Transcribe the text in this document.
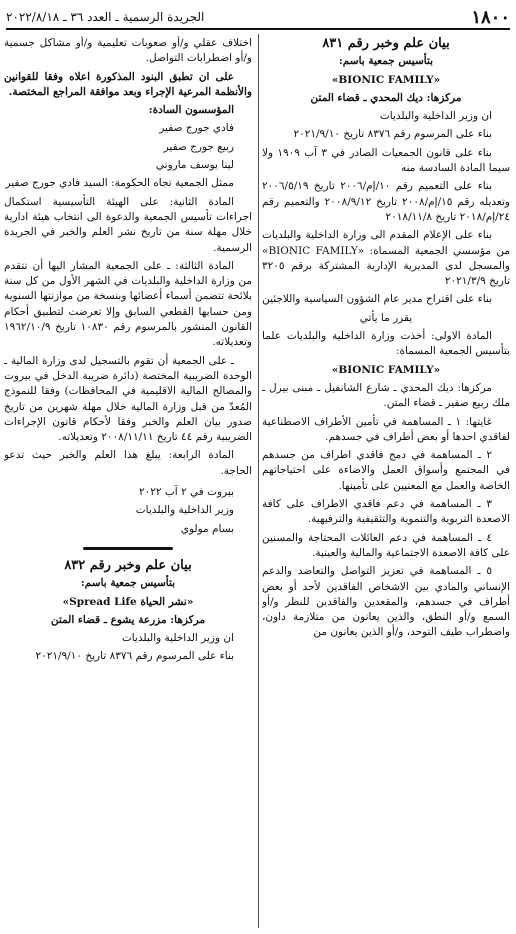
١٨٠٠
الجريدة الرسمية ـ العدد ٣٦ ـ ٢٠٢٢/٨/١٨

بيان علم وخبر رقم ٨٣١

بتأسيس جمعية باسم:

«BIONIC FAMILY»

مركزها: ديك المحدي ـ قضاء المتن

ان وزير الداخلية والبلديات

بناء على المرسوم رقم ٨٣٧٦ تاريخ ٢٠٢١/٩/١٠

بناء على قانون الجمعيات الصادر في ٣ آب ١٩٠٩ ولا سيما المادة السادسة منه

بناء على التعميم رقم ١٠/إم/٢٠٠٦ تاريخ ٢٠٠٦/٥/١٩ وتعديله رقم ١٥/إم/٢٠٠٨ تاريخ ٢٠٠٨/٩/١٢ والتعميم رقم ٢٤/إم/٢٠١٨ تاريخ ٢٠١٨/١١/٨

بناء على الإعلام المقدم الى وزارة الداخلية والبلديات من مؤسسي الجمعية المسماة: «BIONIC FAMILY» والمسجل لدى المديرية الإدارية المشتركة برقم ٣٢٠٥ تاريخ ٢٠٢١/٣/٩

بناء على اقتراح مدير عام الشؤون السياسية واللاجئين

يقرر ما يأتي

المادة الاولى: أخذت وزارة الداخلية والبلديات علما بتأسيس الجمعية المسماة:

«BIONIC FAMILY»

مركزها: ديك المحدي ـ شارع الشانفيل ـ مبنى بيرل ـ ملك ربيع صفير ـ قضاء المتن.

غايتها: ١ ـ المساهمة في تأمين الأطراف الاصطناعية لفاقدي احدها أو بعض أطراف في جسدهم.

٢ ـ المساهمة في دمج فاقدي اطراف من جسدهم في المجتمع وأسواق العمل والاضاءة على احتياجاتهم الخاصة والعمل مع المعنيين على تأمينها.

٣ ـ المساهمة في دعم فاقدي الاطراف على كافة الاصعدة التربوية والتنموية والتثقيفية والترفيهية.

٤ ـ المساهمة في دعم العائلات المحتاجة والمسنين على كافة الاصعدة الاجتماعية والمالية والعينية.

٥ ـ المساهمة في تعزيز التواصل والتعاضد والدعم الإنساني والمادي بين الاشخاص الفاقدين لأحد أو بعض أطراف في جسدهم، والمقعدين والفاقدين للنظر و/أو السمع و/أو النطق، والذين يعانون من متلازمة داون، واضطراب طيف التوحد، و/أو الذين يعانون من

اختلاف عقلي و/أو صعوبات تعليمية و/أو مشاكل جسمية و/أو اضطرابات التواصل.

على ان تطبق البنود المذكورة اعلاه وفقا للقوانين والأنظمة المرعية الإجراء وبعد موافقة المراجع المختصة.

المؤسسون السادة:

فادي جورج صفير

ربيع جورج صفير

لينا يوسف ماروني

ممثل الجمعية تجاه الحكومة: السيد فادي جورج صفير

المادة الثانية: على الهيئة التأسيسية استكمال اجراءات تأسيس الجمعية والدعوة الى انتخاب هيئة ادارية خلال مهلة سنة من تاريخ نشر العلم والخبر في الجريدة الرسمية.

المادة الثالثة: ـ على الجمعية المشار اليها أن تتقدم من وزارة الداخلية والبلديات في الشهر الأول من كل سنة بلائحة تتضمن أسماء أعضائها وبنسخة من موازنتها السنوية ومن حسابها القطعي السابق وإلا تعرضت لتطبيق أحكام القانون المنشور بالمرسوم رقم ١٠٨٣٠ تاريخ ١٩٦٢/١٠/٩ وتعديلاته.

ـ على الجمعية أن تقوم بالتسجيل لدى وزارة المالية ـ الوحدة الضريبية المختصة (دائرة ضريبة الدخل في بيروت والمصالح المالية الاقليمية في المحافظات) وفقا للنموذج المُعدّ من قبل وزارة المالية خلال مهلة شهرين من تاريخ صدور بيان العلم والخبر وفقا لأحكام قانون الإجراءات الضريبية رقم ٤٤ تاريخ ٢٠٠٨/١١/١١ وتعديلاته.

المادة الرابعة: يبلغ هذا العلم والخبر حيث تدعو الحاجة.

بيروت في ٢ آب ٢٠٢٢

وزير الداخلية والبلديات

بسام مولوي

بيان علم وخبر رقم ٨٣٢

بتأسيس جمعية باسم:

«نشر الحياة Spread Life»

مركزها: مزرعة يشوع ـ قضاء المتن

ان وزير الداخلية والبلديات

بناء على المرسوم رقم ٨٣٧٦ تاريخ ٢٠٢١/٩/١٠
